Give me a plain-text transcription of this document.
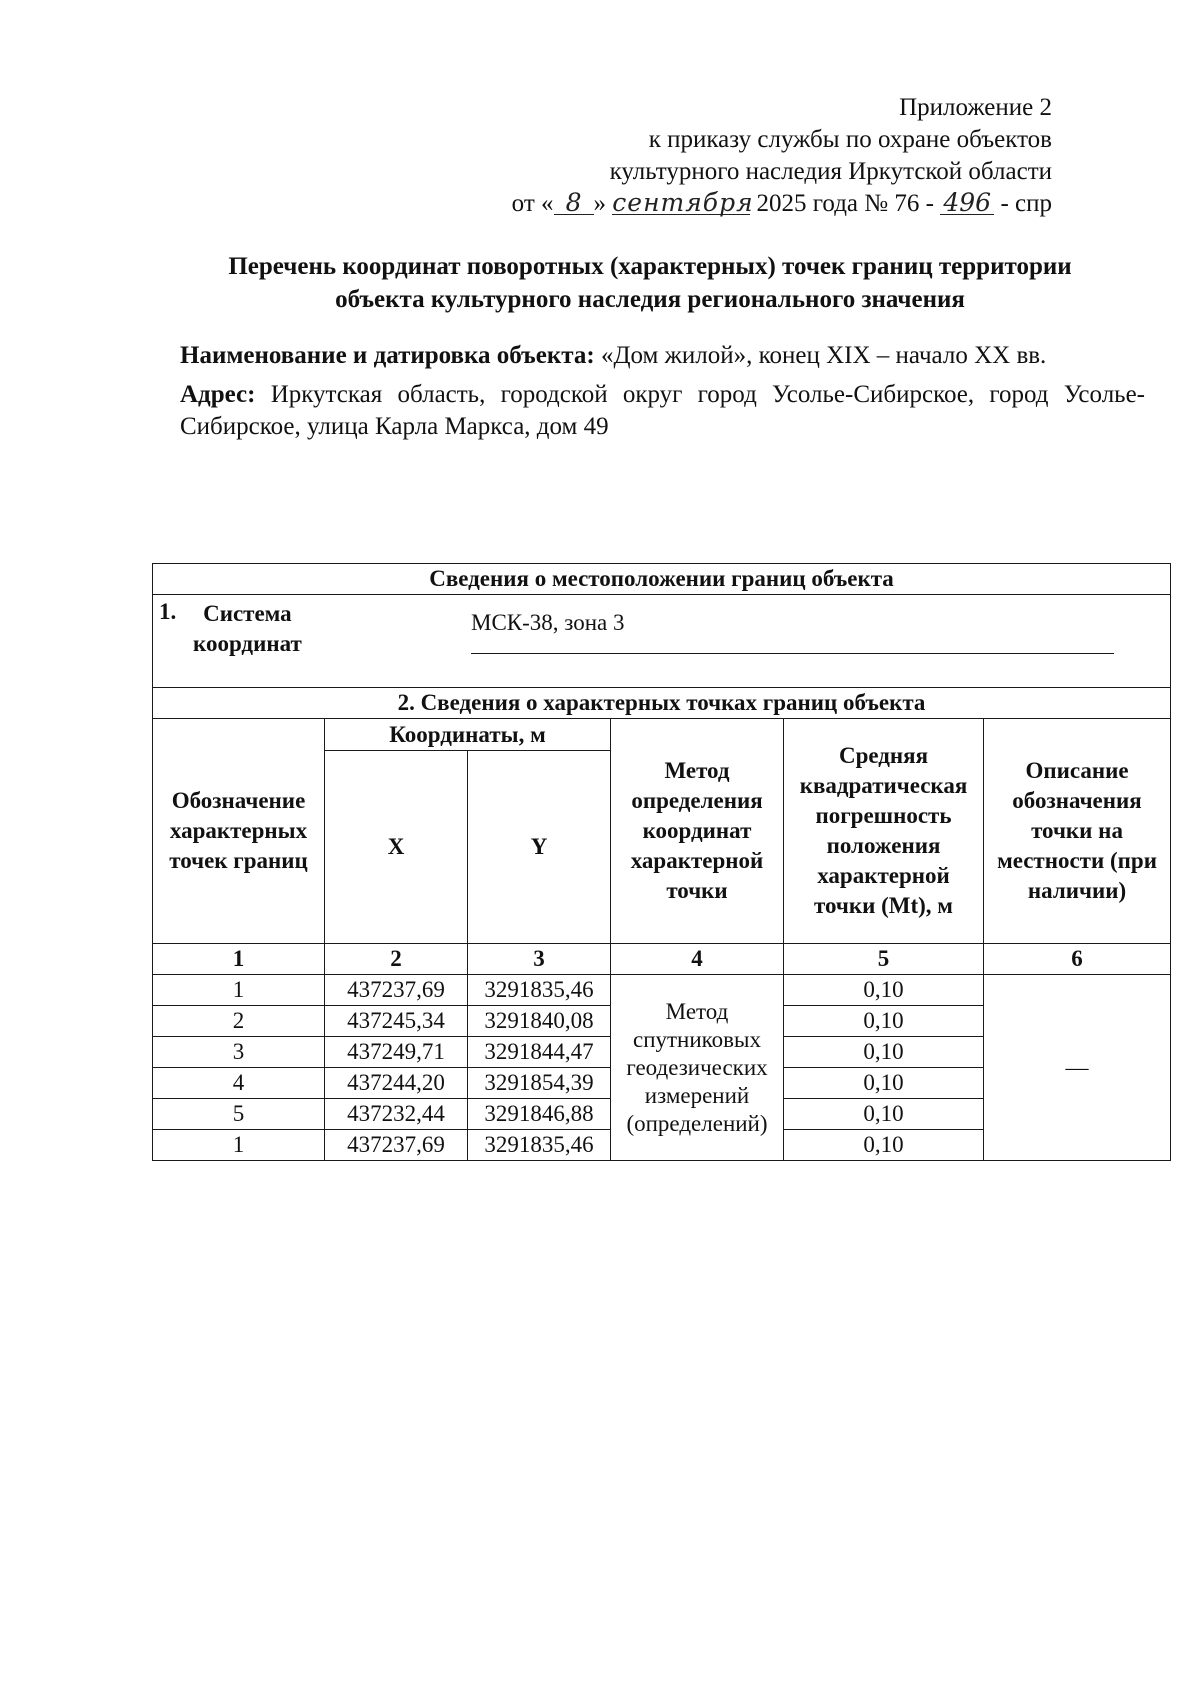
Приложение 2
к приказу службы по охране объектов
культурного наследия Иркутской области
от « 8 » сентября 2025 года № 76 - 496 - спр
Перечень координат поворотных (характерных) точек границ территории
объекта культурного наследия регионального значения

Наименование и датировка объекта: «Дом жилой», конец XIX – начало XX вв.

Адрес: Иркутская область, городской округ город Усолье-Сибирское, город Усолье-Сибирское, улица Карла Маркса, дом 49

Сведения о местоположении границ объекта					

1. Система
координат
МСК-38, зона 3					

2. Сведения о характерных точках границ объекта					
Обозначение характерных точек границ	Координаты, м		Метод определения координат характерной точки	Средняя квадратическая погрешность положения характерной точки (Mt), м	Описание обозначения точки на местности (при наличии)
	X	Y			
1	2	3	4	5	6
1	437237,69	3291835,46	Метод спутниковых геодезических измерений (определений)	0,10	—
2	437245,34	3291840,08		0,10	
3	437249,71	3291844,47		0,10	
4	437244,20	3291854,39		0,10	
5	437232,44	3291846,88		0,10	
1	437237,69	3291835,46		0,10	
